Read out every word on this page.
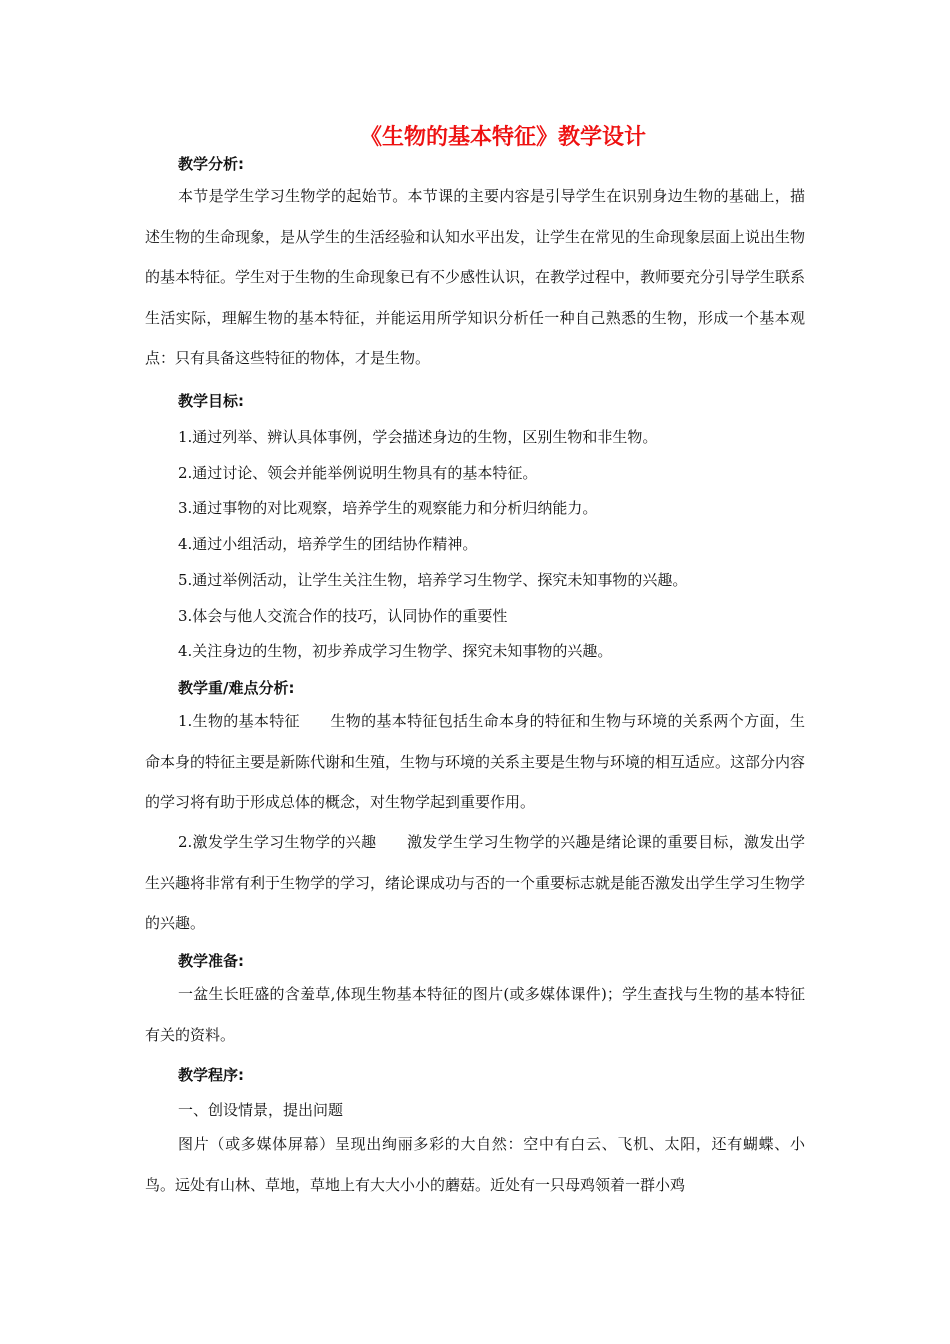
《生物的基本特征》教学设计
教学分析:

本节是学生学习生物学的起始节。本节课的主要内容是引导学生在识别身边生物的基础上，描述生物的生命现象，是从学生的生活经验和认知水平出发，让学生在常见的生命现象层面上说出生物的基本特征。学生对于生物的生命现象已有不少感性认识，在教学过程中，教师要充分引导学生联系生活实际，理解生物的基本特征，并能运用所学知识分析任一种自己熟悉的生物，形成一个基本观点：只有具备这些特征的物体，才是生物。

教学目标:

1.通过列举、辨认具体事例，学会描述身边的生物，区别生物和非生物。

2.通过讨论、领会并能举例说明生物具有的基本特征。

3.通过事物的对比观察，培养学生的观察能力和分析归纳能力。

4.通过小组活动，培养学生的团结协作精神。

5.通过举例活动，让学生关注生物，培养学习生物学、探究未知事物的兴趣。

3.体会与他人交流合作的技巧，认同协作的重要性

4.关注身边的生物，初步养成学习生物学、探究未知事物的兴趣。

教学重/难点分析:

1.生物的基本特征　　生物的基本特征包括生命本身的特征和生物与环境的关系两个方面，生命本身的特征主要是新陈代谢和生殖，生物与环境的关系主要是生物与环境的相互适应。这部分内容的学习将有助于形成总体的概念，对生物学起到重要作用。

2.激发学生学习生物学的兴趣　　激发学生学习生物学的兴趣是绪论课的重要目标，激发出学生兴趣将非常有利于生物学的学习，绪论课成功与否的一个重要标志就是能否激发出学生学习生物学的兴趣。

教学准备:

一盆生长旺盛的含羞草,体现生物基本特征的图片(或多媒体课件)；学生查找与生物的基本特征有关的资料。

教学程序:

一、创设情景，提出问题

图片（或多媒体屏幕）呈现出绚丽多彩的大自然：空中有白云、飞机、太阳，还有蝴蝶、小鸟。远处有山林、草地，草地上有大大小小的蘑菇。近处有一只母鸡领着一群小鸡
